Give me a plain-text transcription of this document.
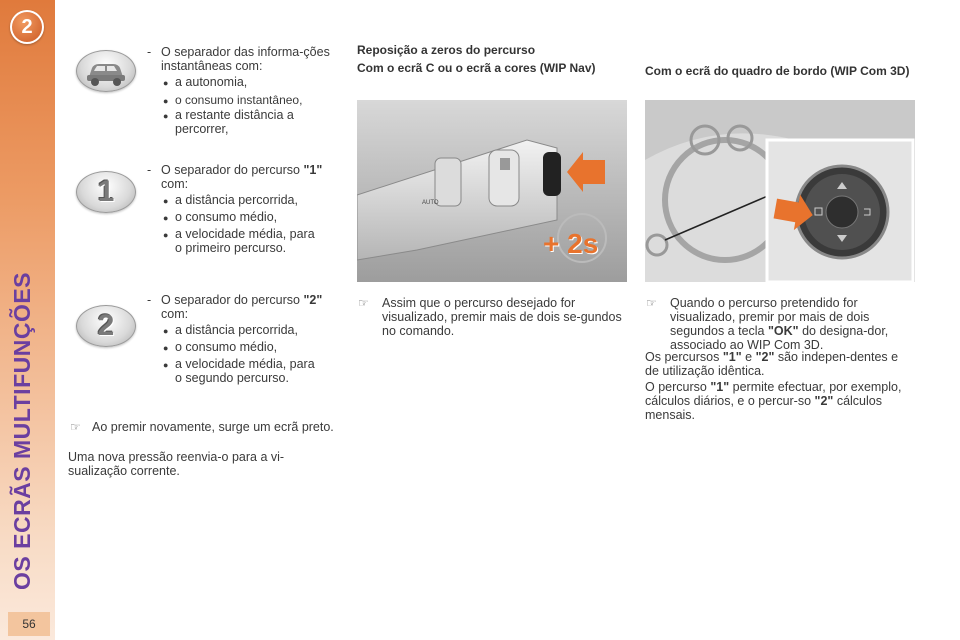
2
OS ECRÃS MULTIFUNÇÕES
56
- O separador das informa-ções instantâneas com:
● a autonomia,
● o consumo instantâneo,
● a restante distância a percorrer,
1
- O separador do percurso "1" com:
● a distância percorrida,
● o consumo médio,
● a velocidade média, para o primeiro percurso.
2
- O separador do percurso "2" com:
● a distância percorrida,
● o consumo médio,
● a velocidade média, para o segundo percurso.
☞ Ao premir novamente, surge um ecrã preto.
Uma nova pressão reenvia-o para a vi-sualização corrente.
Reposição a zeros do percurso
Com o ecrã C ou o ecrã a cores (WIP Nav)
AUTO
+ 2s
☞ Assim que o percurso desejado for visualizado, premir mais de dois se-gundos no comando.
Com o ecrã do quadro de bordo (WIP Com 3D)
☞ Quando o percurso pretendido for visualizado, premir por mais de dois segundos a tecla "OK" do designa-dor, associado ao WIP Com 3D.
Os percursos "1" e "2" são indepen-dentes e de utilização idêntica.
O percurso "1" permite efectuar, por exemplo, cálculos diários, e o percur-so "2" cálculos mensais.
